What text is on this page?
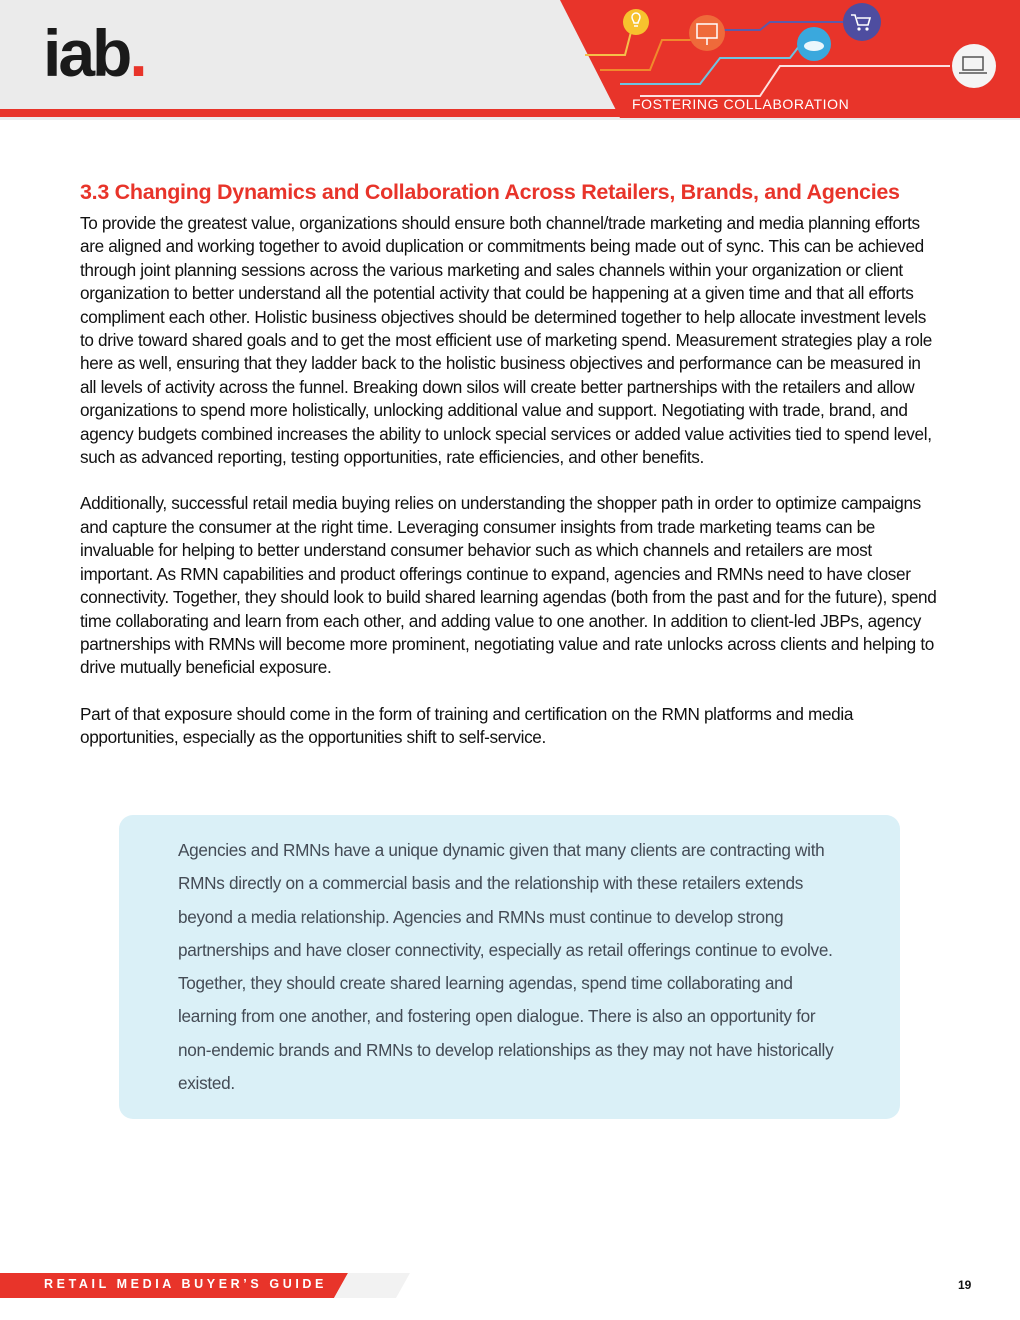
iab.
FOSTERING COLLABORATION
3.3 Changing Dynamics and Collaboration Across Retailers, Brands, and Agencies

To provide the greatest value, organizations should ensure both channel/trade marketing and media planning efforts are aligned and working together to avoid duplication or commitments being made out of sync. This can be achieved through joint planning sessions across the various marketing and sales channels within your organization or client organization to better understand all the potential activity that could be happening at a given time and that all efforts compliment each other. Holistic business objectives should be determined together to help allocate investment levels to drive toward shared goals and to get the most efficient use of marketing spend. Measurement strategies play a role here as well, ensuring that they ladder back to the holistic business objectives and performance can be measured in all levels of activity across the funnel. Breaking down silos will create better partnerships with the retailers and allow organizations to spend more holistically, unlocking additional value and support. Negotiating with trade, brand, and agency budgets combined increases the ability to unlock special services or added value activities tied to spend level, such as advanced reporting, testing opportunities, rate efficiencies, and other benefits.

Additionally, successful retail media buying relies on understanding the shopper path in order to optimize campaigns and capture the consumer at the right time. Leveraging consumer insights from trade marketing teams can be invaluable for helping to better understand consumer behavior such as which channels and retailers are most important. As RMN capabilities and product offerings continue to expand, agencies and RMNs need to have closer connectivity. Together, they should look to build shared learning agendas (both from the past and for the future), spend time collaborating and learn from each other, and adding value to one another. In addition to client-led JBPs, agency partnerships with RMNs will become more prominent, negotiating value and rate unlocks across clients and helping to drive mutually beneficial exposure.

Part of that exposure should come in the form of training and certification on the RMN platforms and media opportunities, especially as the opportunities shift to self-service.

Agencies and RMNs have a unique dynamic given that many clients are contracting with RMNs directly on a commercial basis and the relationship with these retailers extends beyond a media relationship. Agencies and RMNs must continue to develop strong partnerships and have closer connectivity, especially as retail offerings continue to evolve. Together, they should create shared learning agendas, spend time collaborating and learning from one another, and fostering open dialogue. There is also an opportunity for non-endemic brands and RMNs to develop relationships as they may not have historically existed.

RETAIL MEDIA BUYER’S GUIDE	19
